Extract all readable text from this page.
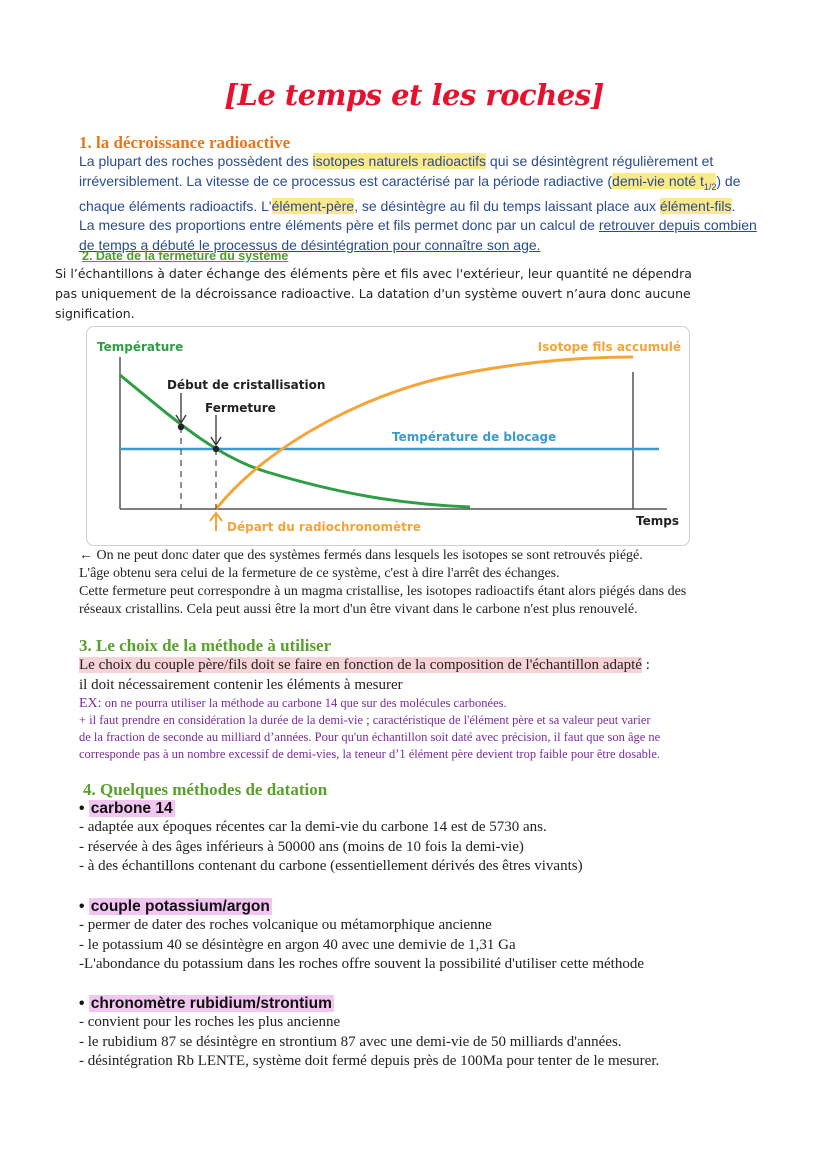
[Le temps et les roches]
1. la décroissance radioactive
La plupart des roches possèdent des isotopes naturels radioactifs qui se désintègrent régulièrement et
irréversiblement. La vitesse de ce processus est caractérisé par la période radiactive (demi-vie noté $t_{1/2}$) de
chaque éléments radioactifs. L'élément-père, se désintègre au fil du temps laissant place aux élément-fils.
La mesure des proportions entre éléments père et fils permet donc par un calcul de retrouver depuis combien
de temps a débuté le processus de désintégration pour connaître son age.
2. Date de la fermeture du système
Si l’échantillons à dater échange des éléments père et fils avec l'extérieur, leur quantité ne dépendra
pas uniquement de la décroissance radioactive. La datation d'un système ouvert n’aura donc aucune
signification.
Température	Isotope fils accumulé
Début de cristallisation
Fermeture
Température de blocage
Départ du radiochronomètre	Temps
← On ne peut donc dater que des systèmes fermés dans lesquels les isotopes se sont retrouvés piégé.
L'âge obtenu sera celui de la fermeture de ce système, c'est à dire l'arrêt des échanges.
Cette fermeture peut correspondre à un magma cristallise, les isotopes radioactifs étant alors piégés dans des
réseaux cristallins. Cela peut aussi être la mort d'un être vivant dans le carbone n'est plus renouvelé.
3. Le choix de la méthode à utiliser
Le choix du couple père/fils doit se faire en fonction de la composition de l'échantillon adapté :
il doit nécessairement contenir les éléments à mesurer
EX: on ne pourra utiliser la méthode au carbone 14 que sur des molécules carbonées.
+ il faut prendre en considération la durée de la demi-vie ; caractéristique de l'élément père et sa valeur peut varier
de la fraction de seconde au milliard d’années. Pour qu'un échantillon soit daté avec précision, il faut que son âge ne
corresponde pas à un nombre excessif de demi-vies, la teneur d’1 élément père devient trop faible pour être dosable.
4. Quelques méthodes de datation
• carbone 14
- adaptée aux époques récentes car la demi-vie du carbone 14 est de 5730 ans.
- réservée à des âges inférieurs à 50000 ans (moins de 10 fois la demi-vie)
- à des échantillons contenant du carbone (essentiellement dérivés des êtres vivants)
• couple potassium/argon
- permer de dater des roches volcanique ou métamorphique ancienne
- le potassium 40 se désintègre en argon 40 avec une demivie de 1,31 Ga
-L'abondance du potassium dans les roches offre souvent la possibilité d'utiliser cette méthode
• chronomètre rubidium/strontium
- convient pour les roches les plus ancienne
- le rubidium 87 se désintègre en strontium 87 avec une demi-vie de 50 milliards d'années.
- désintégration Rb LENTE, système doit fermé depuis près de 100Ma pour tenter de le mesurer.
